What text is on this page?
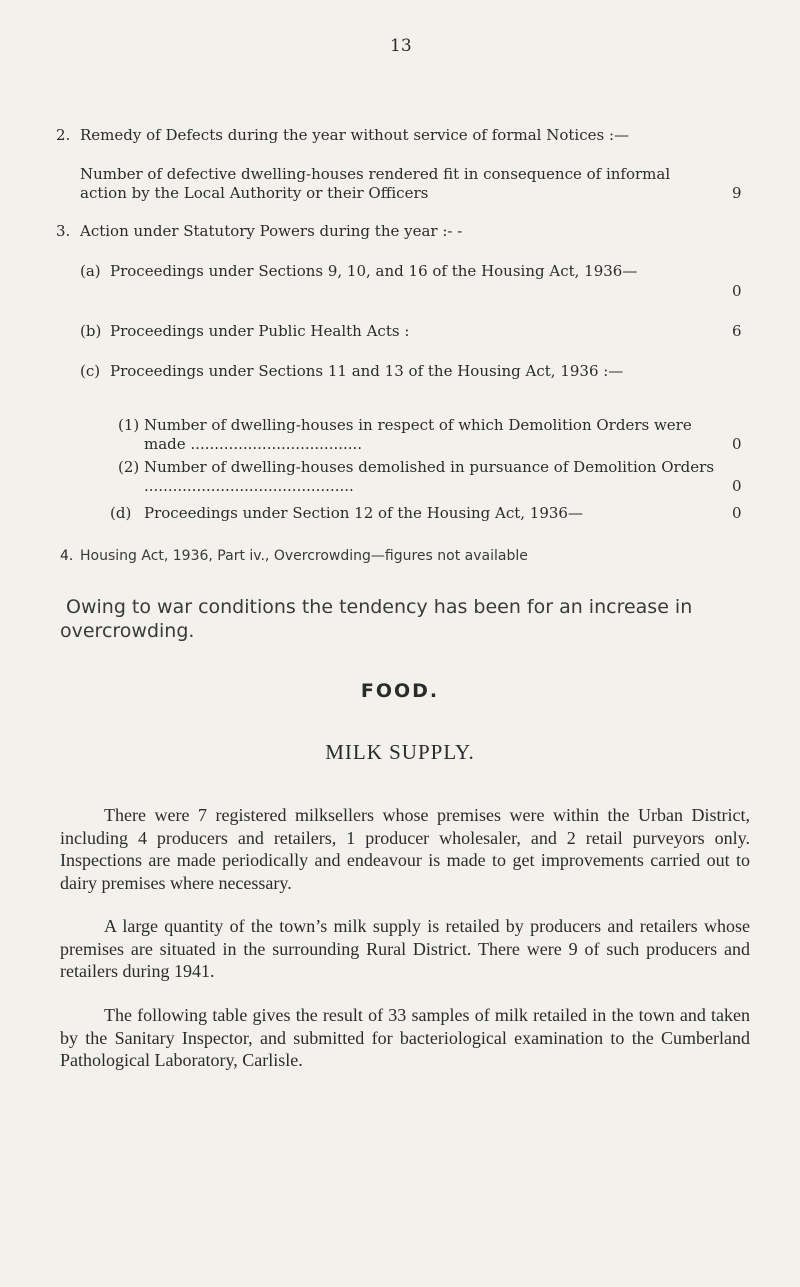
13
2. Remedy of Defects during the year without service of formal Notices :—
Number of defective dwelling-houses rendered fit in consequence of informal action by the Local Authority or their Officers	9
3. Action under Statutory Powers during the year :- -
(a) Proceedings under Sections 9, 10, and 16 of the Housing Act, 1936—
0
(b) Proceedings under Public Health Acts :	6
(c) Proceedings under Sections 11 and 13 of the Housing Act, 1936 :—
(1) Number of dwelling-houses in respect of which Demolition Orders were made ....................................	0
(2) Number of dwelling-houses demolished in pursuance of Demolition Orders ............................................	0
(d) Proceedings under Section 12 of the Housing Act, 1936—	0
4. Housing Act, 1936, Part iv., Overcrowding—figures not available
Owing to war conditions the tendency has been for an increase in overcrowding.
FOOD.
MILK SUPPLY.
There were 7 registered milksellers whose premises were within the Urban District, including 4 producers and retailers, 1 producer wholesaler, and 2 retail purveyors only. Inspections are made periodically and endeavour is made to get improvements carried out to dairy premises where necessary.
A large quantity of the town’s milk supply is retailed by producers and retailers whose premises are situated in the surrounding Rural District. There were 9 of such producers and retailers during 1941.
The following table gives the result of 33 samples of milk retailed in the town and taken by the Sanitary Inspector, and submitted for bacteriological examination to the Cumberland Pathological Laboratory, Carlisle.
